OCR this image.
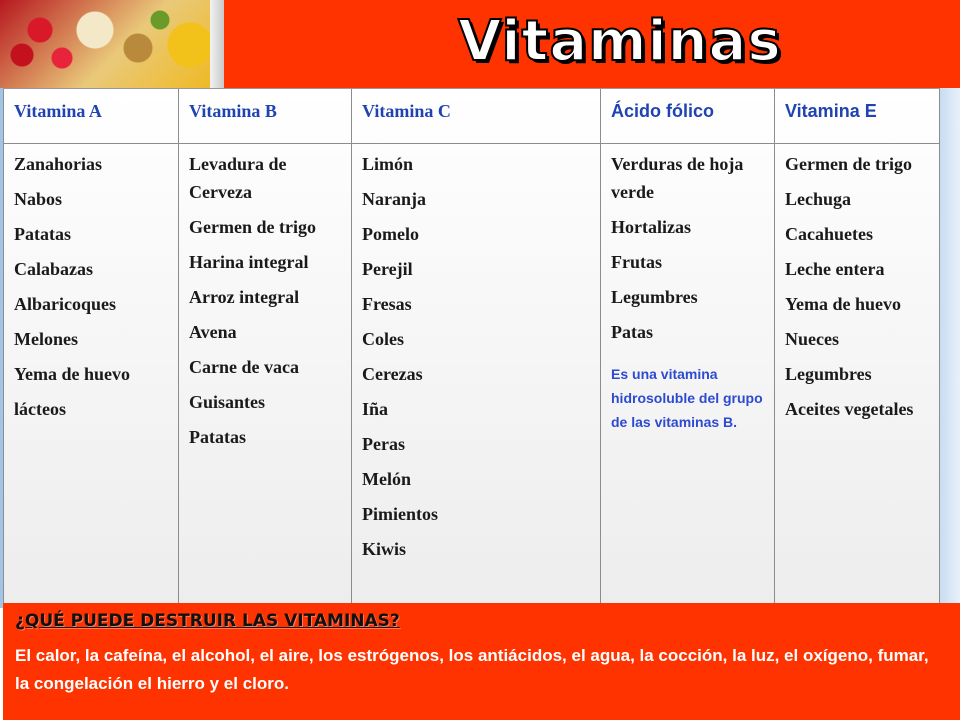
Vitaminas
Vitamina A
Zanahorias
Nabos
Patatas
Calabazas
Albaricoques
Melones
Yema de huevo
lácteos
Vitamina B
Levadura de Cerveza
Germen de trigo
Harina integral
Arroz integral
Avena
Carne de vaca
Guisantes
Patatas
Vitamina C
Limón
Naranja
Pomelo
Perejil
Fresas
Coles
Cerezas
Iña
Peras
Melón
Pimientos
Kiwis
Ácido fólico
Verduras de hoja verde
Hortalizas
Frutas
Legumbres
Patas
Es una vitamina hidrosoluble del grupo de las vitaminas B.
Vitamina E
Germen de trigo
Lechuga
Cacahuetes
Leche entera
Yema de huevo
Nueces
Legumbres
Aceites vegetales
¿QUÉ PUEDE DESTRUIR LAS VITAMINAS?
El calor, la cafeína, el alcohol, el aire, los estrógenos, los antiácidos, el agua, la cocción, la luz, el oxígeno, fumar, la congelación el hierro y el cloro.
